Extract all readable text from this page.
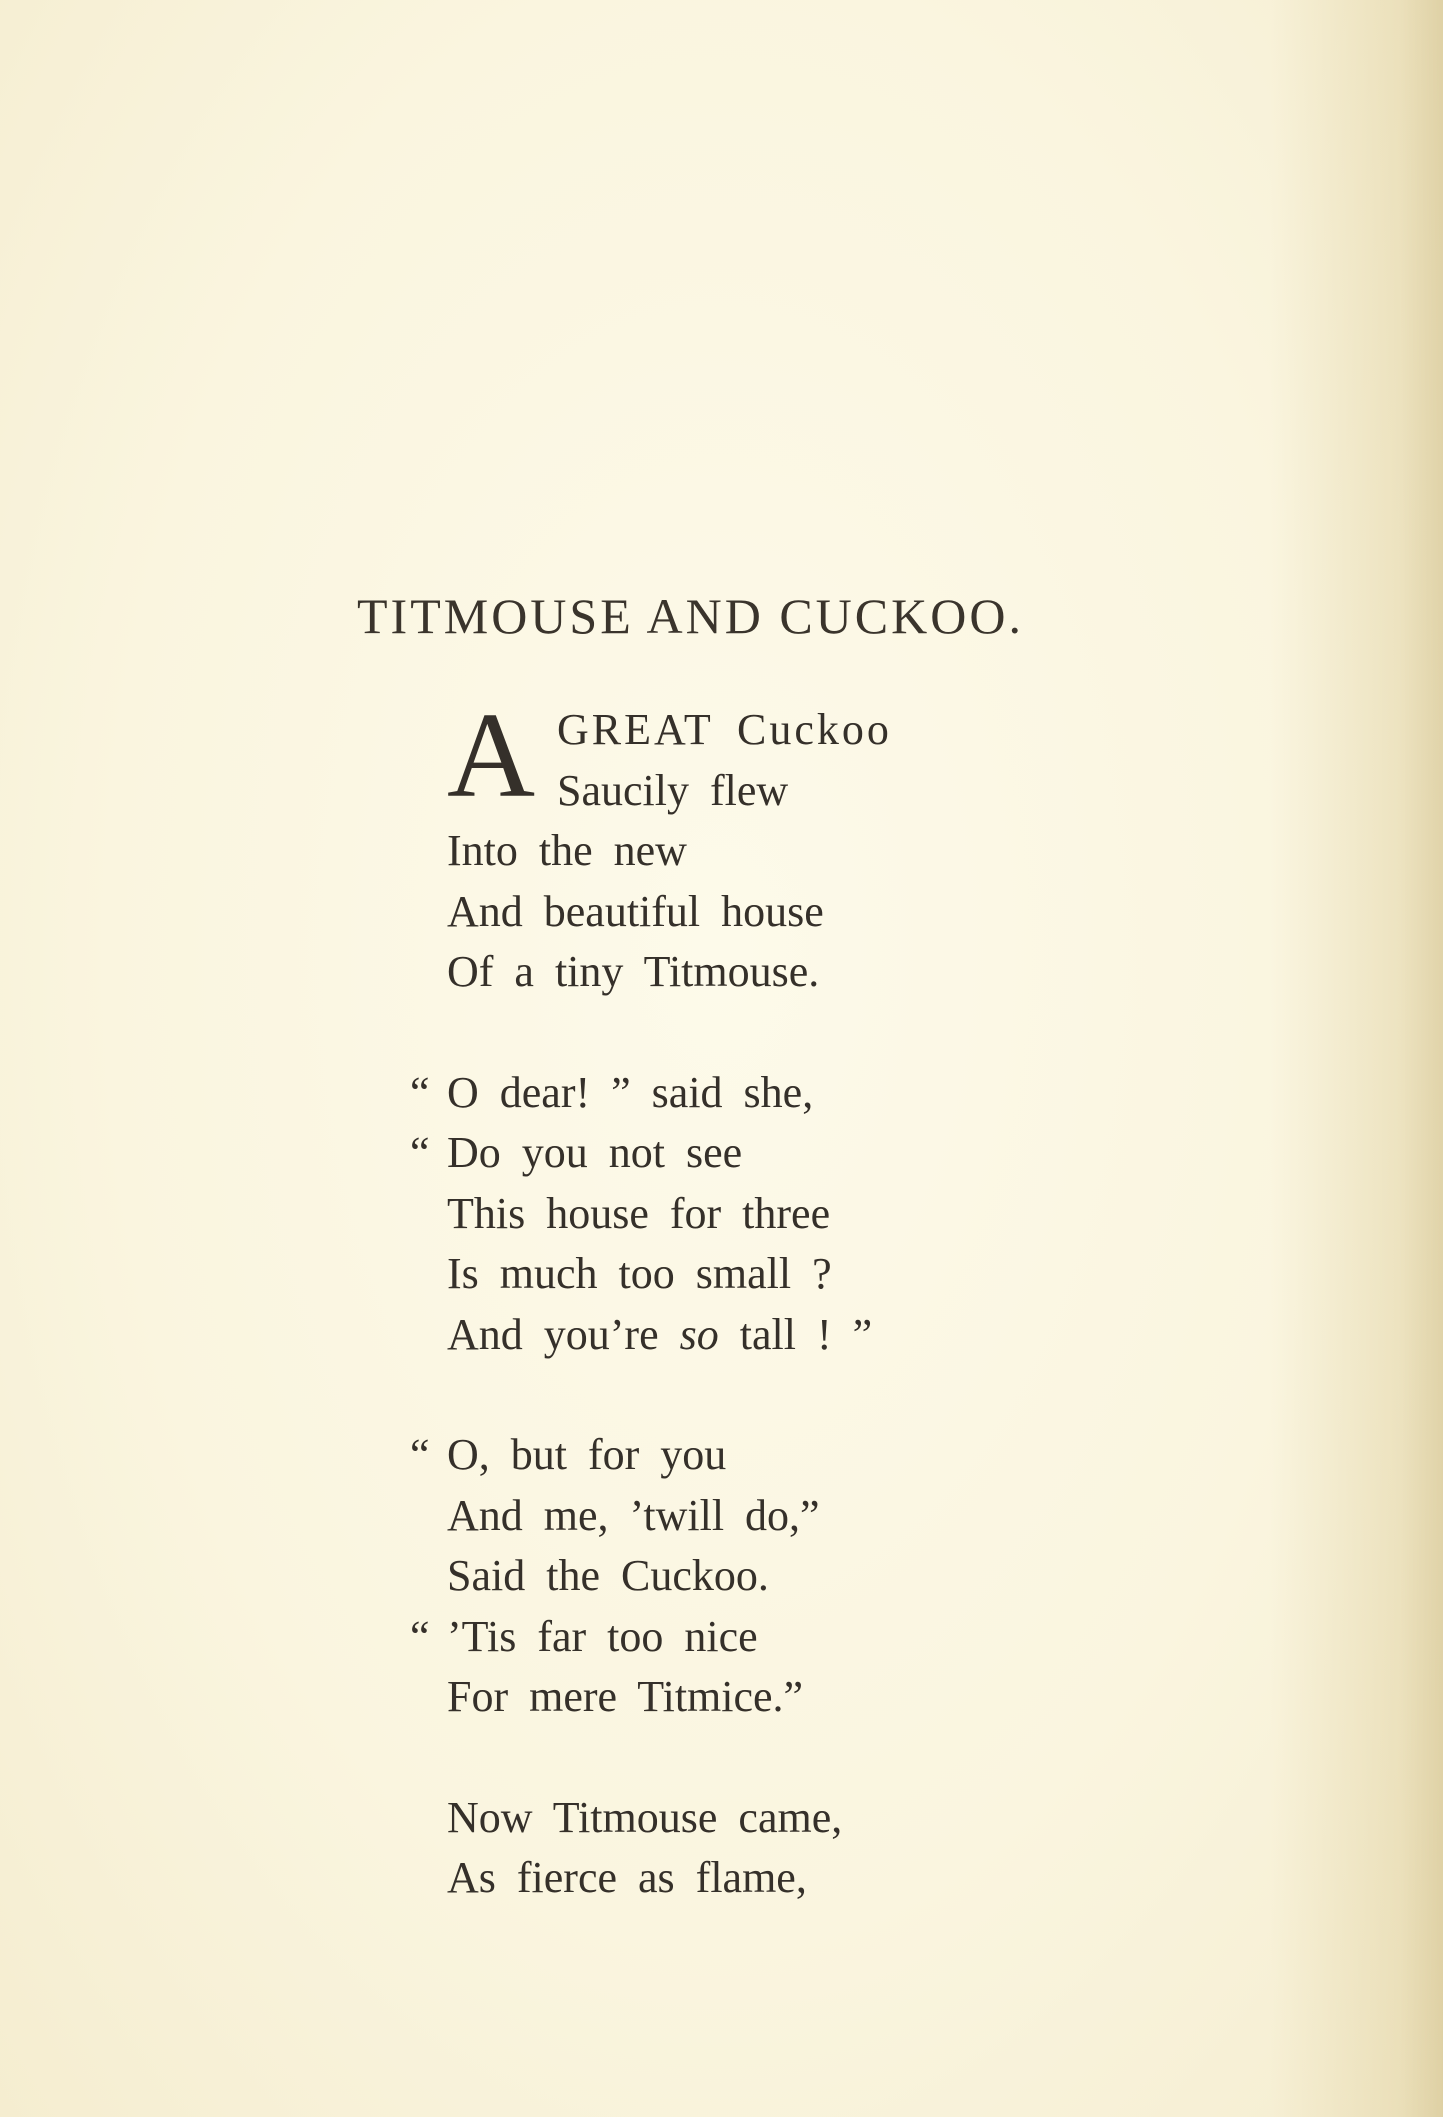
TITMOUSE AND CUCKOO.
A GREAT Cuckoo
Saucily flew
Into the new
And beautiful house
Of a tiny Titmouse.
“ O dear! ” said she,
“ Do you not see
This house for three
Is much too small ?
And you’re so tall ! ”
“ O, but for you
And me, ’twill do,”
Said the Cuckoo.
“ ’Tis far too nice
For mere Titmice.”
Now Titmouse came,
As fierce as flame,
